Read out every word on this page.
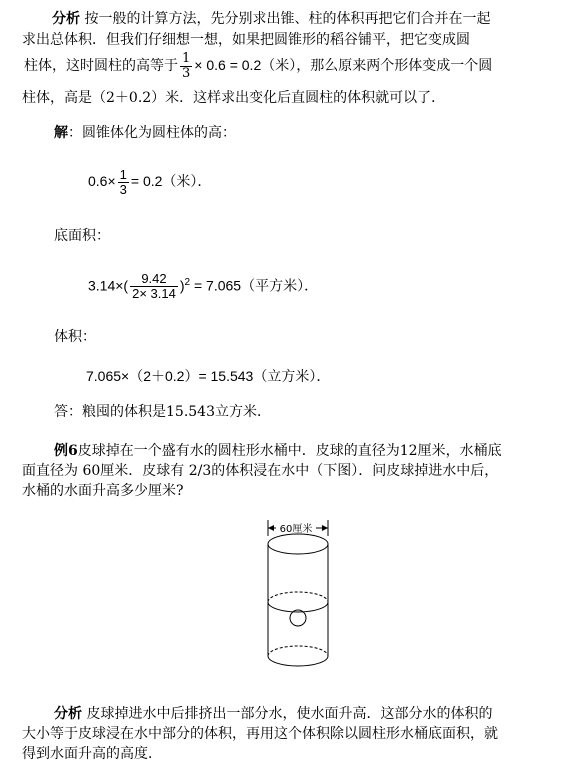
分析 按一般的计算方法，先分别求出锥、柱的体积再把它们合并在一起
求出总体积．但我们仔细想一想，如果把圆锥形的稻谷铺平，把它变成圆
柱体，这时圆柱的高等于 $\frac{1}{3} \times 0.6 = 0.2$（米），那么原来两个形体变成一个圆
柱体，高是（2＋0.2）米．这样求出变化后直圆柱的体积就可以了．
解：圆锥体化为圆柱体的高：
$0.6\times \frac{1}{3} = 0.2$（米）．
底面积：
$3.14\times( \frac{9.42}{2\times 3.14} )^2 = 7.065$（平方米）．
体积：
7.065×（2＋0.2）= 15.543（立方米）．
答：粮囤的体积是15.543立方米．
例6皮球掉在一个盛有水的圆柱形水桶中．皮球的直径为12厘米，水桶底
面直径为 60厘米．皮球有 2/3的体积浸在水中（下图）．问皮球掉进水中后，
水桶的水面升高多少厘米?
60厘米
分析 皮球掉进水中后排挤出一部分水，使水面升高．这部分水的体积的
大小等于皮球浸在水中部分的体积，再用这个体积除以圆柱形水桶底面积，就
得到水面升高的高度．
